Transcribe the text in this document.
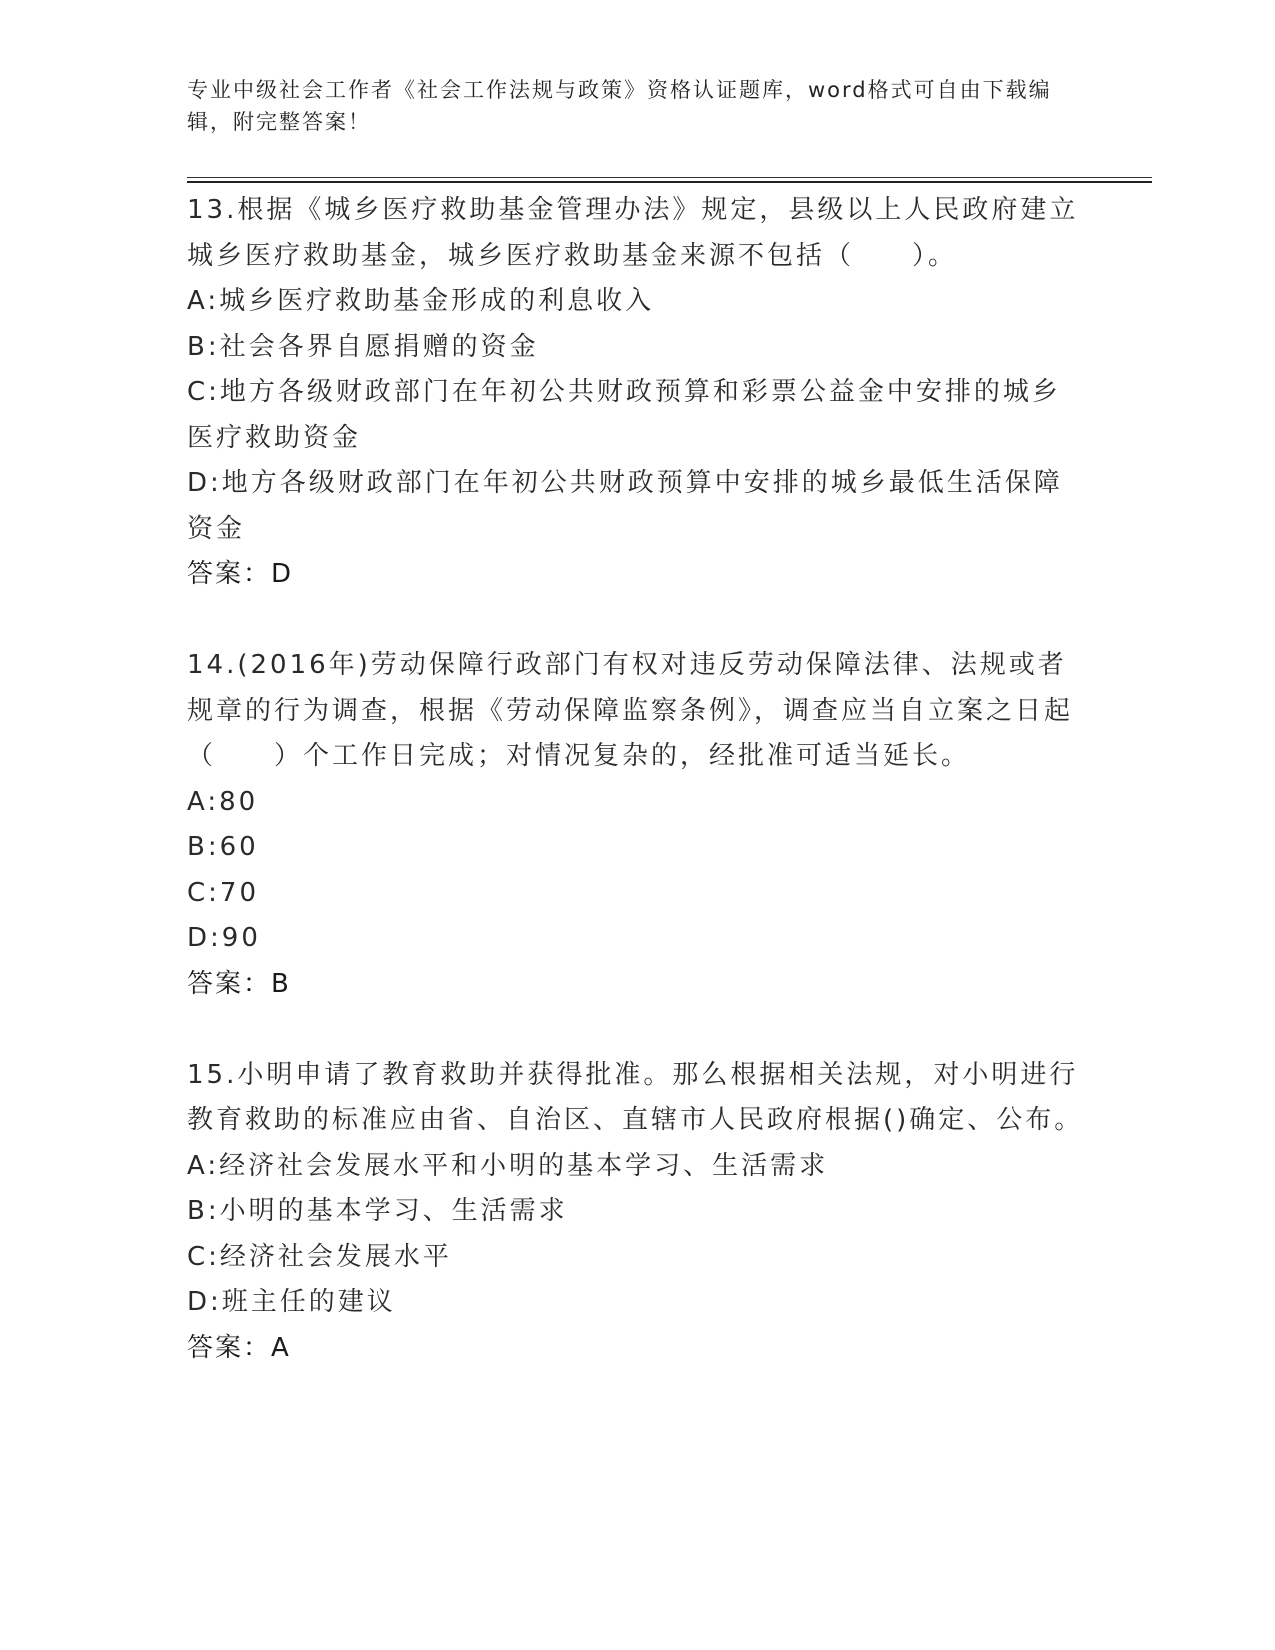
专业中级社会工作者《社会工作法规与政策》资格认证题库，word格式可自由下载编辑，附完整答案！

13.根据《城乡医疗救助基金管理办法》规定，县级以上人民政府建立城乡医疗救助基金，城乡医疗救助基金来源不包括（　　）。

A:城乡医疗救助基金形成的利息收入

B:社会各界自愿捐赠的资金

C:地方各级财政部门在年初公共财政预算和彩票公益金中安排的城乡医疗救助资金

D:地方各级财政部门在年初公共财政预算中安排的城乡最低生活保障资金

答案：D

14.(2016年)劳动保障行政部门有权对违反劳动保障法律、法规或者规章的行为调查，根据《劳动保障监察条例》，调查应当自立案之日起（　　）个工作日完成；对情况复杂的，经批准可适当延长。

A:80

B:60

C:70

D:90

答案：B

15.小明申请了教育救助并获得批准。那么根据相关法规，对小明进行教育救助的标准应由省、自治区、直辖市人民政府根据()确定、公布。

A:经济社会发展水平和小明的基本学习、生活需求

B:小明的基本学习、生活需求

C:经济社会发展水平

D:班主任的建议

答案：A
